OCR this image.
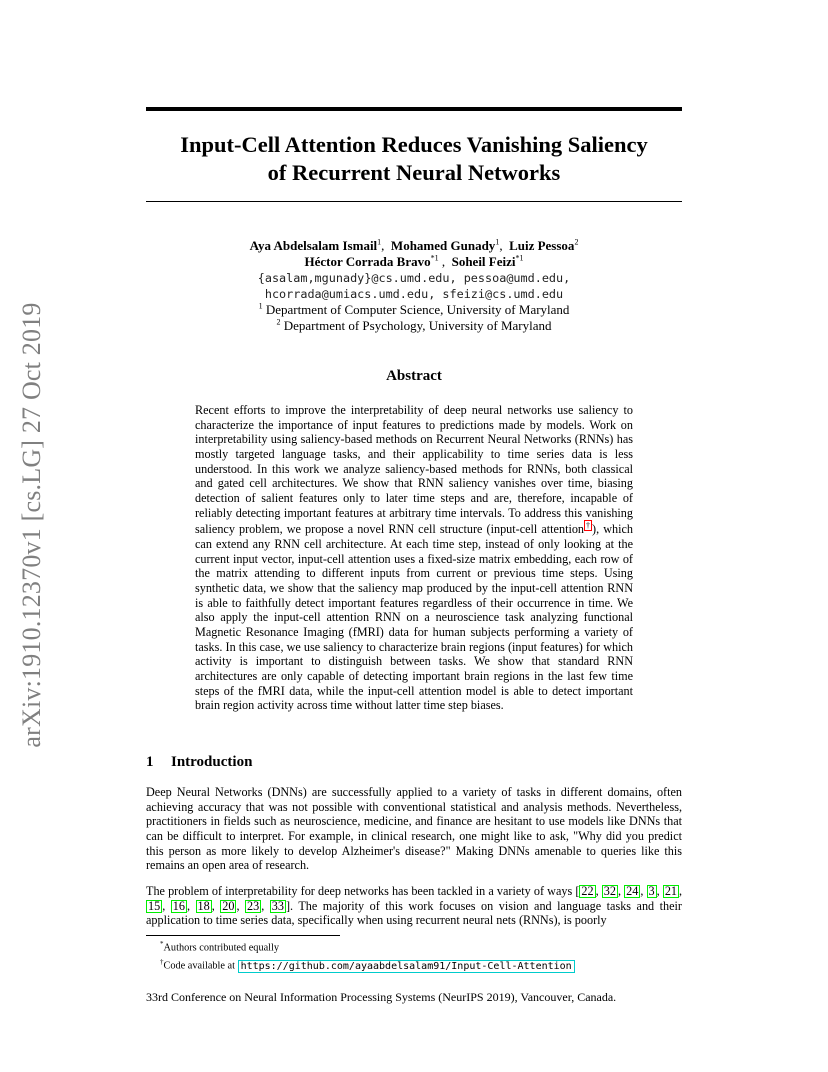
arXiv:1910.12370v1 [cs.LG] 27 Oct 2019
Input-Cell Attention Reduces Vanishing Saliency
of Recurrent Neural Networks
Aya Abdelsalam Ismail$^1$,  Mohamed Gunady$^1$,  Luiz Pessoa$^2$
Héctor Corrada Bravo$^{*1}$ ,  Soheil Feizi$^{*1}$
{asalam,mgunady}@cs.umd.edu, pessoa@umd.edu,
hcorrada@umiacs.umd.edu, sfeizi@cs.umd.edu
$^1$ Department of Computer Science, University of Maryland
$^2$ Department of Psychology, University of Maryland
Abstract

Recent efforts to improve the interpretability of deep neural networks use saliency to characterize the importance of input features to predictions made by models. Work on interpretability using saliency-based methods on Recurrent Neural Networks (RNNs) has mostly targeted language tasks, and their applicability to time series data is less understood. In this work we analyze saliency-based methods for RNNs, both classical and gated cell architectures. We show that RNN saliency vanishes over time, biasing detection of salient features only to later time steps and are, therefore, incapable of reliably detecting important features at arbitrary time intervals. To address this vanishing saliency problem, we propose a novel RNN cell structure (input-cell attention † ), which can extend any RNN cell architecture. At each time step, instead of only looking at the current input vector, input-cell attention uses a fixed-size matrix embedding, each row of the matrix attending to different inputs from current or previous time steps. Using synthetic data, we show that the saliency map produced by the input-cell attention RNN is able to faithfully detect important features regardless of their occurrence in time. We also apply the input-cell attention RNN on a neuroscience task analyzing functional Magnetic Resonance Imaging (fMRI) data for human subjects performing a variety of tasks. In this case, we use saliency to characterize brain regions (input features) for which activity is important to distinguish between tasks. We show that standard RNN architectures are only capable of detecting important brain regions in the last few time steps of the fMRI data, while the input-cell attention model is able to detect important brain region activity across time without latter time step biases.

1 Introduction

Deep Neural Networks (DNNs) are successfully applied to a variety of tasks in different domains, often achieving accuracy that was not possible with conventional statistical and analysis methods. Nevertheless, practitioners in fields such as neuroscience, medicine, and finance are hesitant to use models like DNNs that can be difficult to interpret. For example, in clinical research, one might like to ask, "Why did you predict this person as more likely to develop Alzheimer's disease?" Making DNNs amenable to queries like this remains an open area of research.

The problem of interpretability for deep networks has been tackled in a variety of ways [ 22 , 32 , 24 , 3 , 21 , 15 , 16 , 18 , 20 , 23 , 33 ]. The majority of this work focuses on vision and language tasks and their application to time series data, specifically when using recurrent neural nets (RNNs), is poorly

*Authors contributed equally
†Code available at https://github.com/ayaabdelsalam91/Input-Cell-Attention
33rd Conference on Neural Information Processing Systems (NeurIPS 2019), Vancouver, Canada.
